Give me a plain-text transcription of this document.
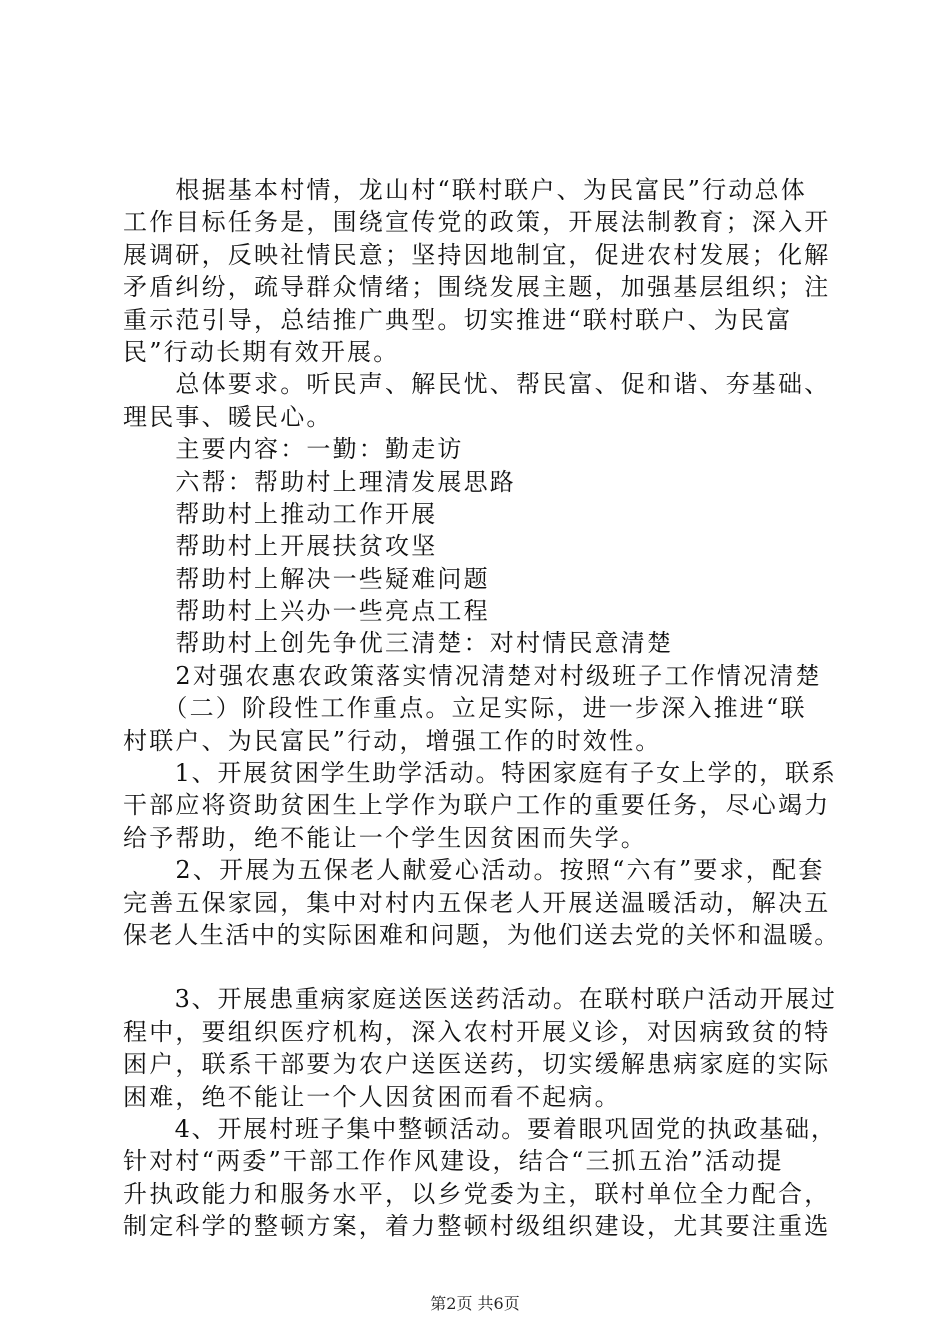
　　根据基本村情，龙山村“联村联户、为民富民”行动总体
工作目标任务是，围绕宣传党的政策，开展法制教育；深入开
展调研，反映社情民意；坚持因地制宜，促进农村发展；化解
矛盾纠纷，疏导群众情绪；围绕发展主题，加强基层组织；注
重示范引导，总结推广典型。切实推进“联村联户、为民富
民”行动长期有效开展。
　　总体要求。听民声、解民忧、帮民富、促和谐、夯基础、
理民事、暖民心。
　　主要内容：一勤：勤走访
　　六帮：帮助村上理清发展思路
　　帮助村上推动工作开展
　　帮助村上开展扶贫攻坚
　　帮助村上解决一些疑难问题
　　帮助村上兴办一些亮点工程
　　帮助村上创先争优三清楚：对村情民意清楚
　　2对强农惠农政策落实情况清楚对村级班子工作情况清楚
　　（二）阶段性工作重点。立足实际，进一步深入推进“联
村联户、为民富民”行动，增强工作的时效性。
　　1、开展贫困学生助学活动。特困家庭有子女上学的，联系
干部应将资助贫困生上学作为联户工作的重要任务，尽心竭力
给予帮助，绝不能让一个学生因贫困而失学。
　　2、开展为五保老人献爱心活动。按照“六有”要求，配套
完善五保家园，集中对村内五保老人开展送温暖活动，解决五
保老人生活中的实际困难和问题，为他们送去党的关怀和温暖。
　　3、开展患重病家庭送医送药活动。在联村联户活动开展过
程中，要组织医疗机构，深入农村开展义诊，对因病致贫的特
困户，联系干部要为农户送医送药，切实缓解患病家庭的实际
困难，绝不能让一个人因贫困而看不起病。
　　4、开展村班子集中整顿活动。要着眼巩固党的执政基础，
针对村“两委”干部工作作风建设，结合“三抓五治”活动提
升执政能力和服务水平，以乡党委为主，联村单位全力配合，
制定科学的整顿方案，着力整顿村级组织建设，尤其要注重选
第2页 共6页
